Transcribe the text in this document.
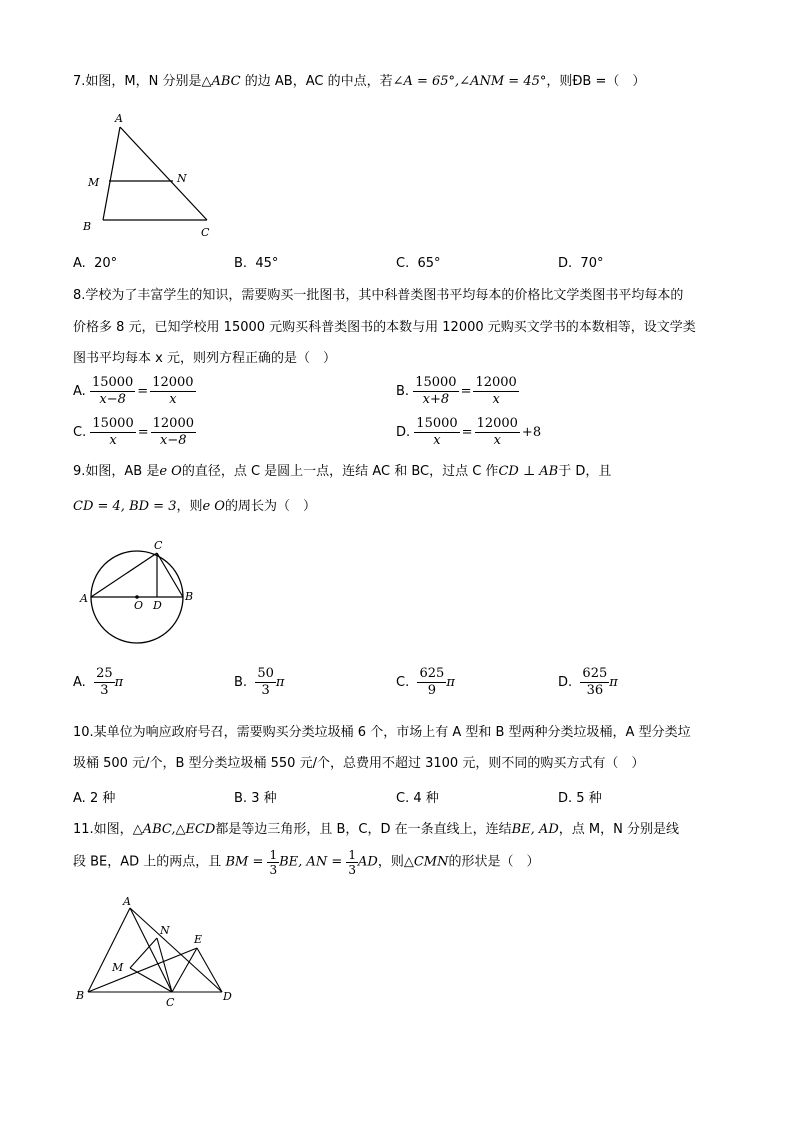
7.如图，M，N 分别是△ABC 的边 AB，AC 的中点，若∠A = 65°,∠ANM = 45°，则ÐB =（　）
A
M	N
B	C
A. 20°	B. 45°	C. 65°	D. 70°
8.学校为了丰富学生的知识，需要购买一批图书，其中科普类图书平均每本的价格比文学类图书平均每本的
价格多 8 元，已知学校用 15000 元购买科普类图书的本数与用 12000 元购买文学书的本数相等，设文学类
图书平均每本 x 元，则列方程正确的是（　）
A. $\frac{15000}{x-8} = \frac{12000}{x}$	B. $\frac{15000}{x+8} = \frac{12000}{x}$
C. $\frac{15000}{x} = \frac{12000}{x-8}$	D. $\frac{15000}{x} = \frac{12000}{x} +8$
9.如图，AB 是e O的直径，点 C 是圆上一点，连结 AC 和 BC，过点 C 作CD ⊥ AB于 D，且
CD = 4, BD = 3，则e O的周长为（　）
C
A	B
O D
A. $\frac{25}{3}$ π	B. $\frac{50}{3}$ π	C. $\frac{625}{9}$ π	D. $\frac{625}{36}$ π
10.某单位为响应政府号召，需要购买分类垃圾桶 6 个，市场上有 A 型和 B 型两种分类垃圾桶，A 型分类垃
圾桶 500 元/个，B 型分类垃圾桶 550 元/个，总费用不超过 3100 元，则不同的购买方式有（　）
A. 2 种	B. 3 种	C. 4 种	D. 5 种
11.如图，△ABC,△ECD都是等边三角形，且 B，C，D 在一条直线上，连结BE, AD，点 M，N 分别是线
段 BE，AD 上的两点，且 BM = $\frac{1}{3}$ BE, AN = $\frac{1}{3}$ AD，则△CMN的形状是（　）
A
N
E
M
B
C	D
